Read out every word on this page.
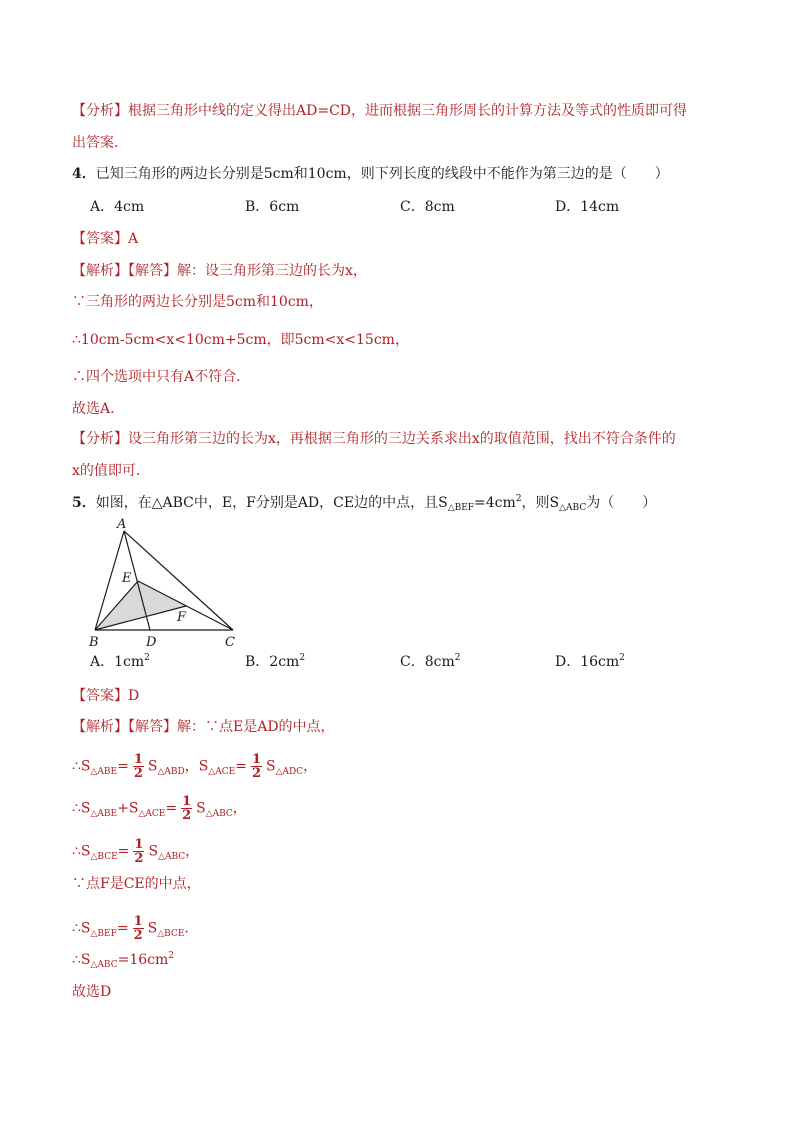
【分析】根据三角形中线的定义得出AD=CD，进而根据三角形周长的计算方法及等式的性质即可得
出答案.
4．已知三角形的两边长分别是5cm和10cm，则下列长度的线段中不能作为第三边的是（　　）
A．4cm	B．6cm	C．8cm	D．14cm
【答案】A
【解析】【解答】解：设三角形第三边的长为x，
∵三角形的两边长分别是5cm和10cm，
∴10cm-5cm<x<10cm+5cm，即5cm<x<15cm，
∴四个选项中只有A不符合.
故选A.
【分析】设三角形第三边的长为x，再根据三角形的三边关系求出x的取值范围，找出不符合条件的
x的值即可.
5．如图，在△ABC中，E，F分别是AD，CE边的中点，且$S_{\triangle BEF}=4cm^2$，则$S_{\triangle ABC}$为（　　）
A
E
F
B	D	C
A．$1cm^2$	B．$2cm^2$	C．$8cm^2$	D．$16cm^2$
【答案】D
【解析】【解答】解：∵点E是AD的中点，
$\therefore S_{\triangle ABE}= \frac{1}{2} S_{\triangle ABD}$，$S_{\triangle ACE}= \frac{1}{2} S_{\triangle ADC}$，
$\therefore S_{\triangle ABE}+S_{\triangle ACE}= \frac{1}{2} S_{\triangle ABC}$，
$\therefore S_{\triangle BCE}= \frac{1}{2} S_{\triangle ABC}$，
∵点F是CE的中点，
$\therefore S_{\triangle BEF}= \frac{1}{2} S_{\triangle BCE}$.
$\therefore S_{\triangle ABC}=16cm^2$
故选D
